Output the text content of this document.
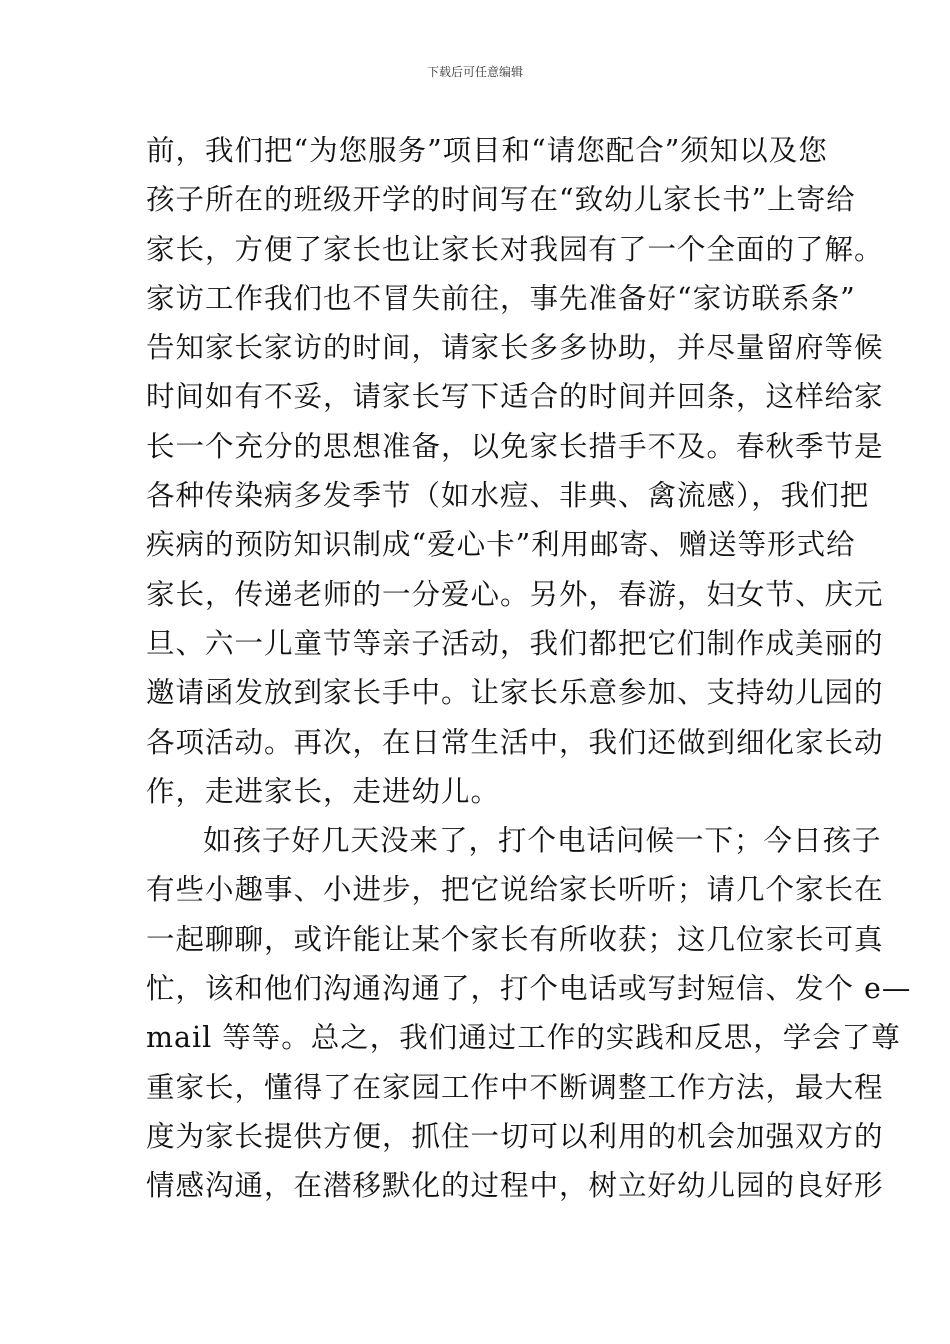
下载后可任意编辑
前，我们把“为您服务”项目和“请您配合”须知以及您
孩子所在的班级开学的时间写在“致幼儿家长书”上寄给
家长，方便了家长也让家长对我园有了一个全面的了解。
家访工作我们也不冒失前往，事先准备好“家访联系条”
告知家长家访的时间，请家长多多协助，并尽量留府等候
时间如有不妥，请家长写下适合的时间并回条，这样给家
长一个充分的思想准备，以免家长措手不及。春秋季节是
各种传染病多发季节（如水痘、非典、禽流感），我们把
疾病的预防知识制成“爱心卡”利用邮寄、赠送等形式给
家长，传递老师的一分爱心。另外，春游，妇女节、庆元
旦、六一儿童节等亲子活动，我们都把它们制作成美丽的
邀请函发放到家长手中。让家长乐意参加、支持幼儿园的
各项活动。再次，在日常生活中，我们还做到细化家长动
作，走进家长，走进幼儿。
如孩子好几天没来了，打个电话问候一下；今日孩子
有些小趣事、小进步，把它说给家长听听；请几个家长在
一起聊聊，或许能让某个家长有所收获；这几位家长可真
忙，该和他们沟通沟通了，打个电话或写封短信、发个 e—
mail 等等。总之，我们通过工作的实践和反思，学会了尊
重家长，懂得了在家园工作中不断调整工作方法，最大程
度为家长提供方便，抓住一切可以利用的机会加强双方的
情感沟通，在潜移默化的过程中，树立好幼儿园的良好形
